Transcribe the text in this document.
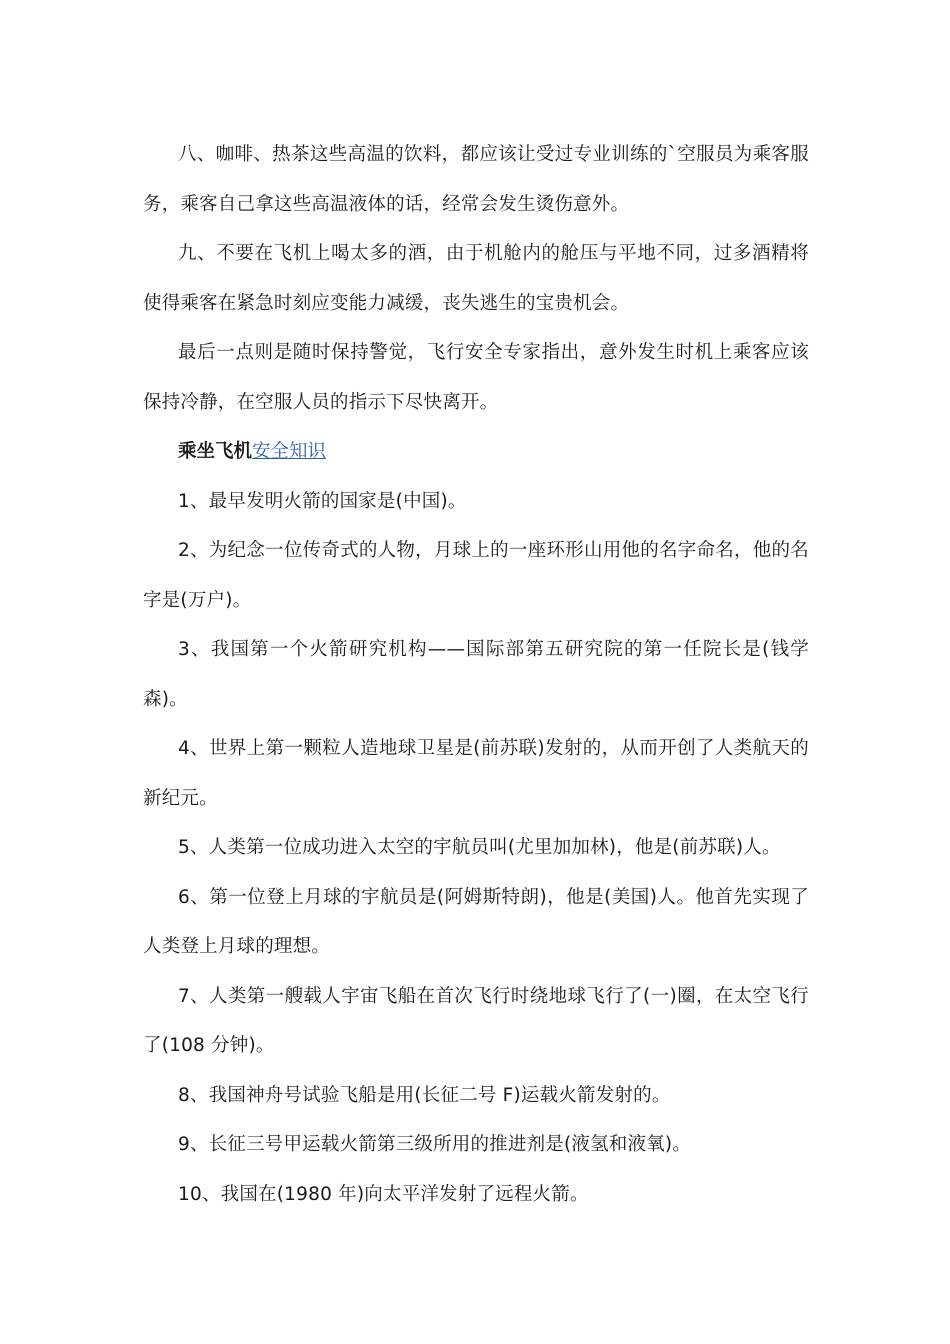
八、咖啡、热茶这些高温的饮料，都应该让受过专业训练的`空服员为乘客服务，乘客自己拿这些高温液体的话，经常会发生烫伤意外。

九、不要在飞机上喝太多的酒，由于机舱内的舱压与平地不同，过多酒精将使得乘客在紧急时刻应变能力减缓，丧失逃生的宝贵机会。

最后一点则是随时保持警觉，飞行安全专家指出，意外发生时机上乘客应该保持冷静，在空服人员的指示下尽快离开。

乘坐飞机安全知识

1、最早发明火箭的国家是(中国)。

2、为纪念一位传奇式的人物，月球上的一座环形山用他的名字命名，他的名字是(万户)。

3、我国第一个火箭研究机构——国际部第五研究院的第一任院长是(钱学森)。

4、世界上第一颗粒人造地球卫星是(前苏联)发射的，从而开创了人类航天的新纪元。

5、人类第一位成功进入太空的宇航员叫(尤里加加林)，他是(前苏联)人。

6、第一位登上月球的宇航员是(阿姆斯特朗)，他是(美国)人。他首先实现了人类登上月球的理想。

7、人类第一艘载人宇宙飞船在首次飞行时绕地球飞行了(一)圈，在太空飞行了(108 分钟)。

8、我国神舟号试验飞船是用(长征二号 F)运载火箭发射的。

9、长征三号甲运载火箭第三级所用的推进剂是(液氢和液氧)。

10、我国在(1980 年)向太平洋发射了远程火箭。
